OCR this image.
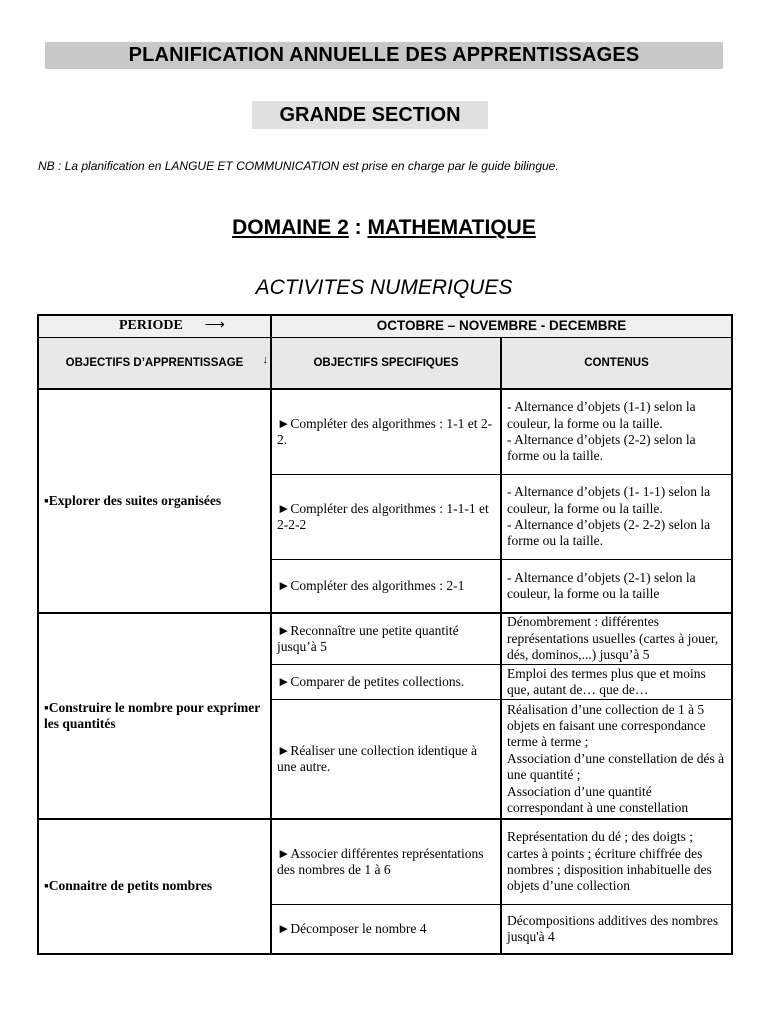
PLANIFICATION ANNUELLE DES APPRENTISSAGES
GRANDE SECTION
NB : La planification en LANGUE ET COMMUNICATION est prise en charge par le guide bilingue.
DOMAINE 2 : MATHEMATIQUE
ACTIVITES NUMERIQUES
PERIODE ⟶	OCTOBRE – NOVEMBRE - DECEMBRE	
OBJECTIFS D’APPRENTISSAGE ↓	OBJECTIFS SPECIFIQUES	CONTENUS
▪Explorer des suites organisées	►Compléter des algorithmes : 1-1 et 2-2.	- Alternance d’objets (1-1) selon la couleur, la forme ou la taille.
- Alternance d’objets (2-2) selon la forme ou la taille.
	►Compléter des algorithmes : 1-1-1 et 2-2-2	- Alternance d’objets (1- 1-1) selon la couleur, la forme ou la taille.
- Alternance d’objets (2- 2-2) selon la forme ou la taille.
	►Compléter des algorithmes : 2-1	- Alternance d’objets (2-1) selon la couleur, la forme ou la taille
▪Construire le nombre pour exprimer les quantités	►Reconnaître une petite quantité jusqu’à 5	Dénombrement : différentes représentations usuelles (cartes à jouer, dés, dominos,...) jusqu’à 5
	►Comparer de petites collections.	Emploi des termes plus que et moins que, autant de… que de…
	►Réaliser une collection identique à une autre.	Réalisation d’une collection de 1 à 5 objets en faisant une correspondance terme à terme ;
Association d’une constellation de dés à une quantité ;
Association d’une quantité correspondant à une constellation
▪Connaitre de petits nombres	►Associer différentes représentations des nombres de 1 à 6	Représentation du dé ; des doigts ; cartes à points ; écriture chiffrée des nombres ; disposition inhabituelle des objets d’une collection
	►Décomposer le nombre 4	Décompositions additives des nombres jusqu'à 4
